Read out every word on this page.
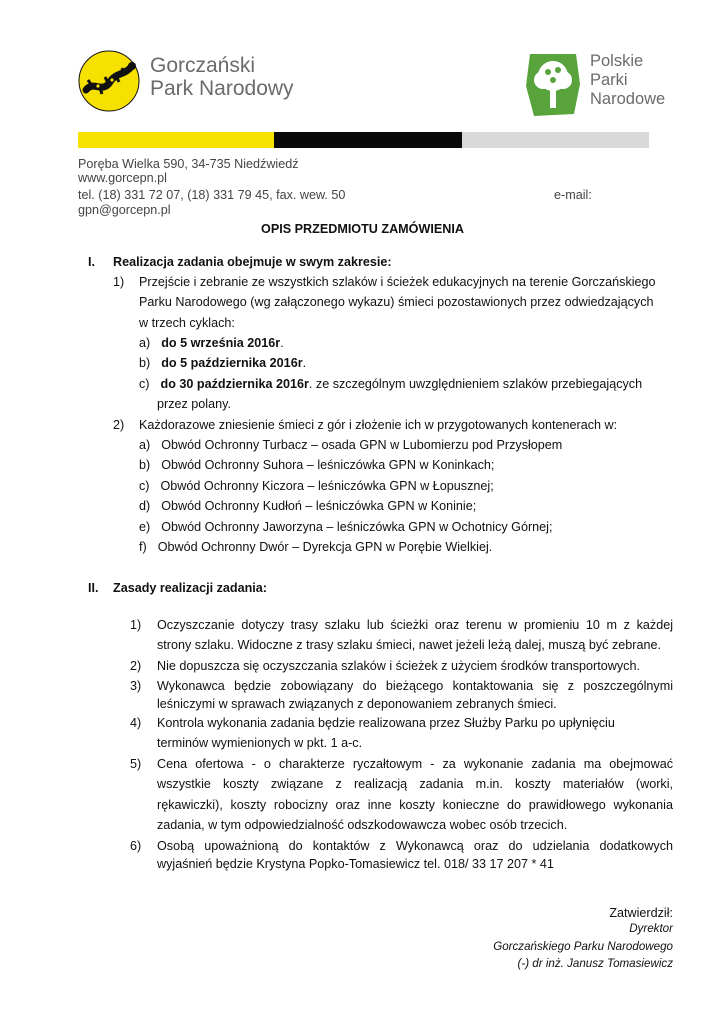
Gorczański
Park Narodowy
Polskie
Parki
Narodowe
Poręba Wielka 590, 34-735 Niedźwiedź
www.gorcepn.pl
tel. (18) 331 72 07, (18) 331 79 45, fax. wew. 50	e-mail:
gpn@gorcepn.pl
OPIS PRZEDMIOTU ZAMÓWIENIA
I. Realizacja zadania obejmuje w swym zakresie:
1) Przejście i zebranie ze wszystkich szlaków i ścieżek edukacyjnych na terenie Gorczańskiego
Parku Narodowego (wg załączonego wykazu) śmieci pozostawionych przez odwiedzających
w trzech cyklach:
a) do 5 września 2016r.
b) do 5 października 2016r.
c) do 30 października 2016r. ze szczególnym uwzględnieniem szlaków przebiegających
przez polany.
2) Każdorazowe zniesienie śmieci z gór i złożenie ich w przygotowanych kontenerach w:
a) Obwód Ochronny Turbacz – osada GPN w Lubomierzu pod Przysłopem
b) Obwód Ochronny Suhora – leśniczówka GPN w Koninkach;
c) Obwód Ochronny Kiczora – leśniczówka GPN w Łopusznej;
d) Obwód Ochronny Kudłoń – leśniczówka GPN w Koninie;
e) Obwód Ochronny Jaworzyna – leśniczówka GPN w Ochotnicy Górnej;
f) Obwód Ochronny Dwór – Dyrekcja GPN w Porębie Wielkiej.
II. Zasady realizacji zadania:
1) Oczyszczanie dotyczy trasy szlaku lub ścieżki oraz terenu w promieniu 10 m z każdej
strony szlaku. Widoczne z trasy szlaku śmieci, nawet jeżeli leżą dalej, muszą być zebrane.
2) Nie dopuszcza się oczyszczania szlaków i ścieżek z użyciem środków transportowych.
3) Wykonawca będzie zobowiązany do bieżącego kontaktowania się z poszczególnymi
leśniczymi w sprawach związanych z deponowaniem zebranych śmieci.
4) Kontrola wykonania zadania będzie realizowana przez Służby Parku po upłynięciu
terminów wymienionych w pkt. 1 a-c.
5) Cena ofertowa - o charakterze ryczałtowym - za wykonanie zadania ma obejmować
wszystkie koszty związane z realizacją zadania m.in. koszty materiałów (worki,
rękawiczki), koszty robocizny oraz inne koszty konieczne do prawidłowego wykonania
zadania, w tym odpowiedzialność odszkodowawcza wobec osób trzecich.
6) Osobą upoważnioną do kontaktów z Wykonawcą oraz do udzielania dodatkowych
wyjaśnień będzie Krystyna Popko-Tomasiewicz tel. 018/ 33 17 207 * 41
Zatwierdził:
Dyrektor
Gorczańskiego Parku Narodowego
(-) dr inż. Janusz Tomasiewicz
